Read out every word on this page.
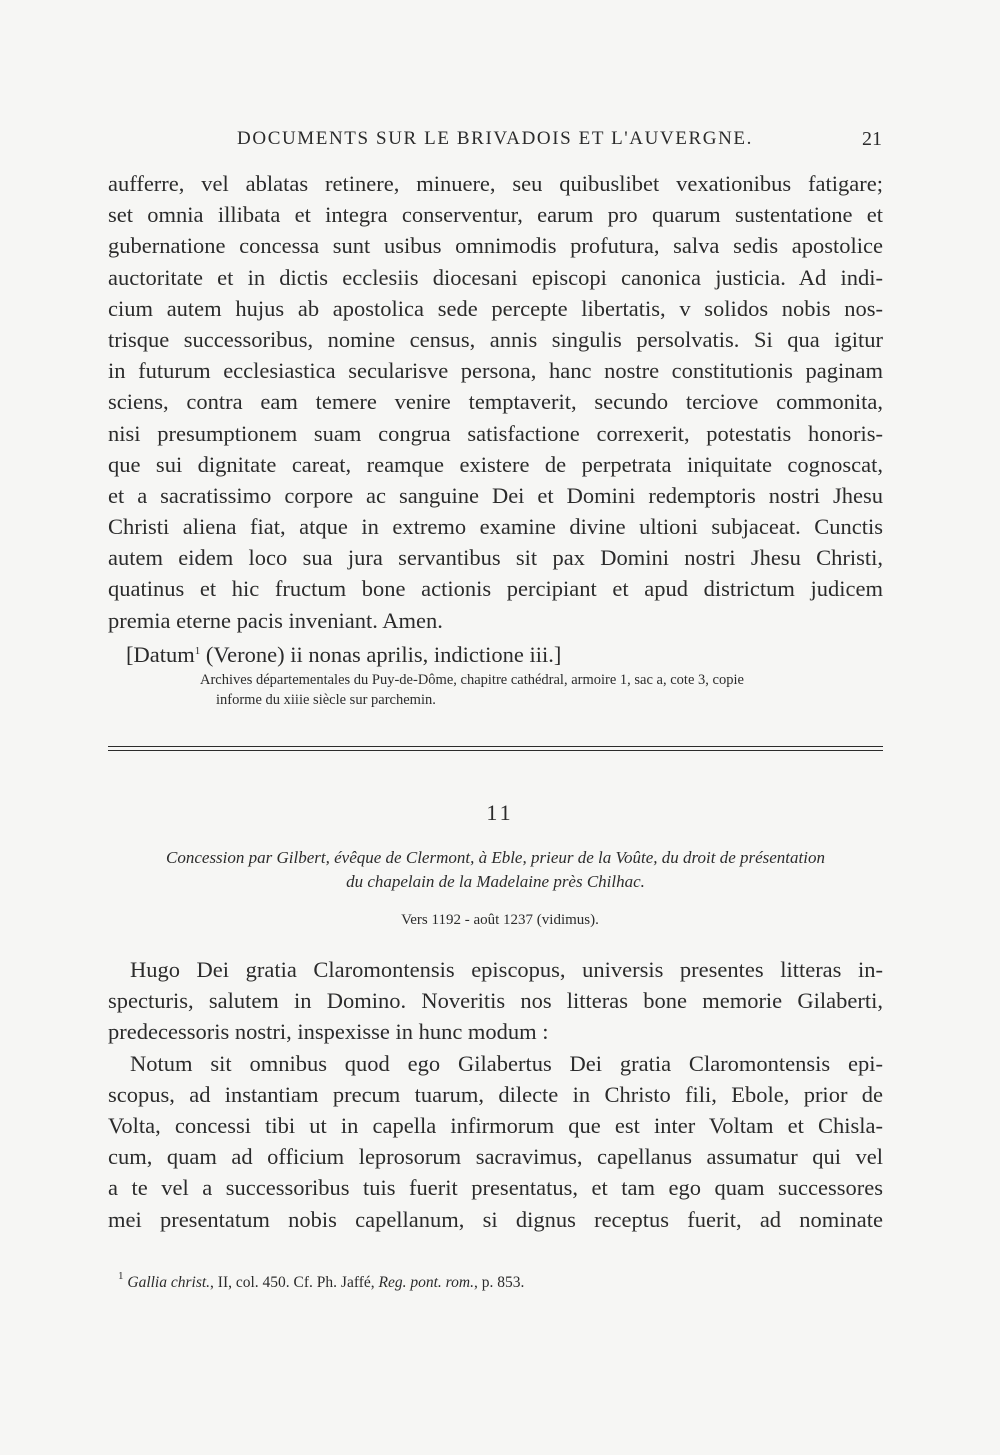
DOCUMENTS SUR LE BRIVADOIS ET L'AUVERGNE.	21
aufferre, vel ablatas retinere, minuere, seu quibuslibet vexationibus fatigare;
set omnia illibata et integra conserventur, earum pro quarum sustentatione et
gubernatione concessa sunt usibus omnimodis profutura, salva sedis apostolice
auctoritate et in dictis ecclesiis diocesani episcopi canonica justicia. Ad indi-
cium autem hujus ab apostolica sede percepte libertatis, v solidos nobis nos-
trisque successoribus, nomine census, annis singulis persolvatis. Si qua igitur
in futurum ecclesiastica secularisve persona, hanc nostre constitutionis paginam
sciens, contra eam temere venire temptaverit, secundo terciove commonita,
nisi presumptionem suam congrua satisfactione correxerit, potestatis honoris-
que sui dignitate careat, reamque existere de perpetrata iniquitate cognoscat,
et a sacratissimo corpore ac sanguine Dei et Domini redemptoris nostri Jhesu
Christi aliena fiat, atque in extremo examine divine ultioni subjaceat. Cunctis
autem eidem loco sua jura servantibus sit pax Domini nostri Jhesu Christi,
quatinus et hic fructum bone actionis percipiant et apud districtum judicem
premia eterne pacis inveniant. Amen.
[Datum$^1$ (Verone) ii nonas aprilis, indictione iii.]
Archives départementales du Puy-de-Dôme, chapitre cathédral, armoire 1, sac a, cote 3, copie
informe du xiiie siècle sur parchemin.
11
Concession par Gilbert, évêque de Clermont, à Eble, prieur de la Voûte, du droit de présentation
du chapelain de la Madelaine près Chilhac.
Vers 1192 - août 1237 (vidimus).
Hugo Dei gratia Claromontensis episcopus, universis presentes litteras in-
specturis, salutem in Domino. Noveritis nos litteras bone memorie Gilaberti,
predecessoris nostri, inspexisse in hunc modum :
Notum sit omnibus quod ego Gilabertus Dei gratia Claromontensis epi-
scopus, ad instantiam precum tuarum, dilecte in Christo fili, Ebole, prior de
Volta, concessi tibi ut in capella infirmorum que est inter Voltam et Chisla-
cum, quam ad officium leprosorum sacravimus, capellanus assumatur qui vel
a te vel a successoribus tuis fuerit presentatus, et tam ego quam successores
mei presentatum nobis capellanum, si dignus receptus fuerit, ad nominate
$^1$ Gallia christ., II, col. 450. Cf. Ph. Jaffé, Reg. pont. rom., p. 853.
